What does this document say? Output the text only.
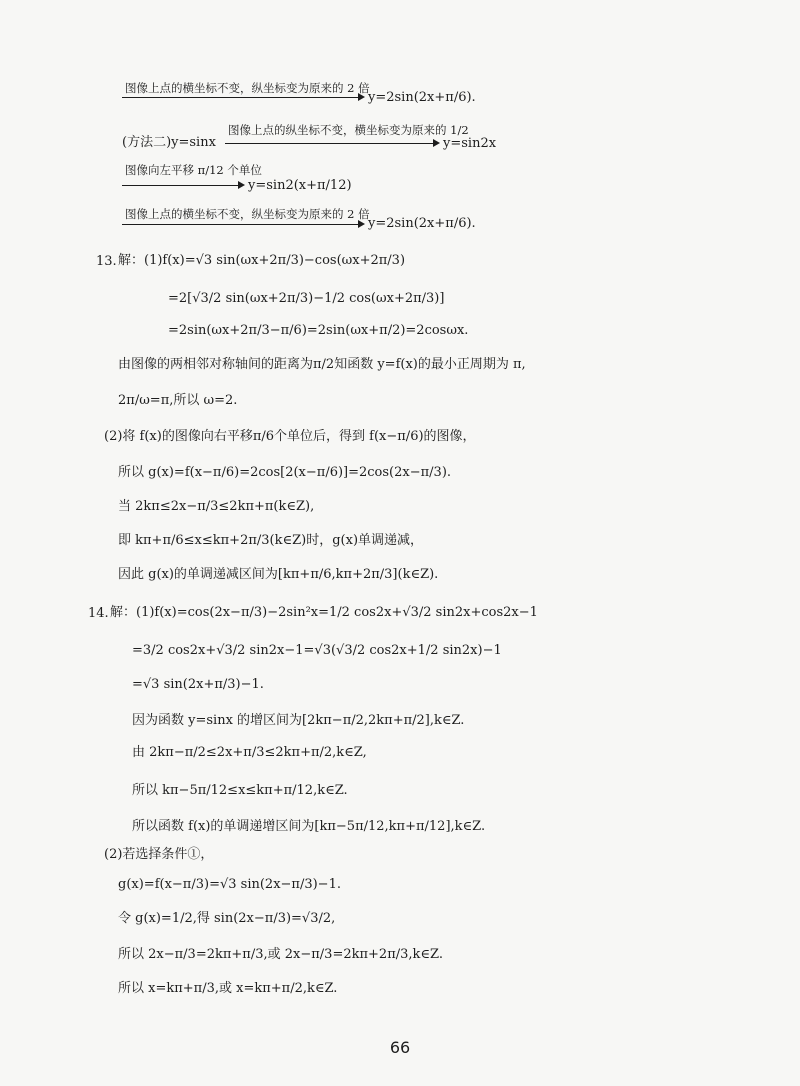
图像上点的横坐标不变，纵坐标变为原来的 2 倍
y=2sin(2x+π/6).
(方法二)y=sinx
图像上点的纵坐标不变，横坐标变为原来的 1/2
y=sin2x
图像向左平移 π/12 个单位
y=sin2(x+π/12)
图像上点的横坐标不变，纵坐标变为原来的 2 倍
y=2sin(2x+π/6).
13. 解：(1)f(x)=√3 sin(ωx+2π/3)−cos(ωx+2π/3)
=2[√3/2 sin(ωx+2π/3)−1/2 cos(ωx+2π/3)]
=2sin(ωx+2π/3−π/6)=2sin(ωx+π/2)=2cosωx.
由图像的两相邻对称轴间的距离为π/2知函数 y=f(x)的最小正周期为 π,
2π/ω=π,所以 ω=2.
(2)将 f(x)的图像向右平移π/6个单位后，得到 f(x−π/6)的图像，
所以 g(x)=f(x−π/6)=2cos[2(x−π/6)]=2cos(2x−π/3).
当 2kπ≤2x−π/3≤2kπ+π(k∈Z),
即 kπ+π/6≤x≤kπ+2π/3(k∈Z)时，g(x)单调递减，
因此 g(x)的单调递减区间为[kπ+π/6,kπ+2π/3](k∈Z).
14. 解：(1)f(x)=cos(2x−π/3)−2sin²x=1/2 cos2x+√3/2 sin2x+cos2x−1
=3/2 cos2x+√3/2 sin2x−1=√3(√3/2 cos2x+1/2 sin2x)−1
=√3 sin(2x+π/3)−1.
因为函数 y=sinx 的增区间为[2kπ−π/2,2kπ+π/2],k∈Z.
由 2kπ−π/2≤2x+π/3≤2kπ+π/2,k∈Z,
所以 kπ−5π/12≤x≤kπ+π/12,k∈Z.
所以函数 f(x)的单调递增区间为[kπ−5π/12,kπ+π/12],k∈Z.
(2)若选择条件①，
g(x)=f(x−π/3)=√3 sin(2x−π/3)−1.
令 g(x)=1/2,得 sin(2x−π/3)=√3/2,
所以 2x−π/3=2kπ+π/3,或 2x−π/3=2kπ+2π/3,k∈Z.
所以 x=kπ+π/3,或 x=kπ+π/2,k∈Z.
66
